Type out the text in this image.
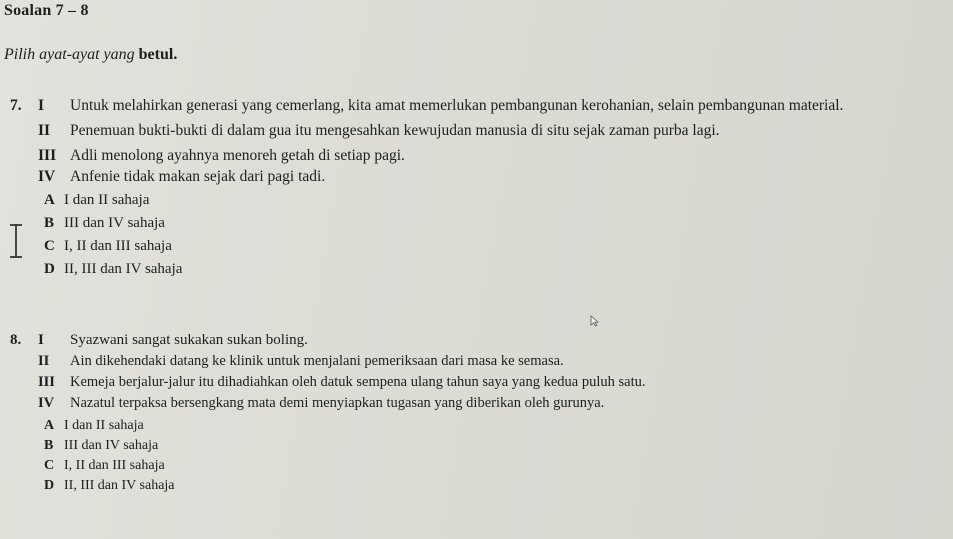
Soalan 7 – 8
Pilih ayat-ayat yang betul.
7.	I	Untuk melahirkan generasi yang cemerlang, kita amat memerlukan pembangunan kerohanian, selain pembangunan material.
II	Penemuan bukti-bukti di dalam gua itu mengesahkan kewujudan manusia di situ sejak zaman purba lagi.
III Adli menolong ayahnya menoreh getah di setiap pagi.
IV Anfenie tidak makan sejak dari pagi tadi.
A I dan II sahaja
B III dan IV sahaja
C I, II dan III sahaja
D II, III dan IV sahaja
8.	I	Syazwani sangat sukakan sukan boling.
II	Ain dikehendaki datang ke klinik untuk menjalani pemeriksaan dari masa ke semasa.
III	Kemeja berjalur-jalur itu dihadiahkan oleh datuk sempena ulang tahun saya yang kedua puluh satu.
IV	Nazatul terpaksa bersengkang mata demi menyiapkan tugasan yang diberikan oleh gurunya.
A I dan II sahaja
B III dan IV sahaja
C I, II dan III sahaja
D II, III dan IV sahaja
